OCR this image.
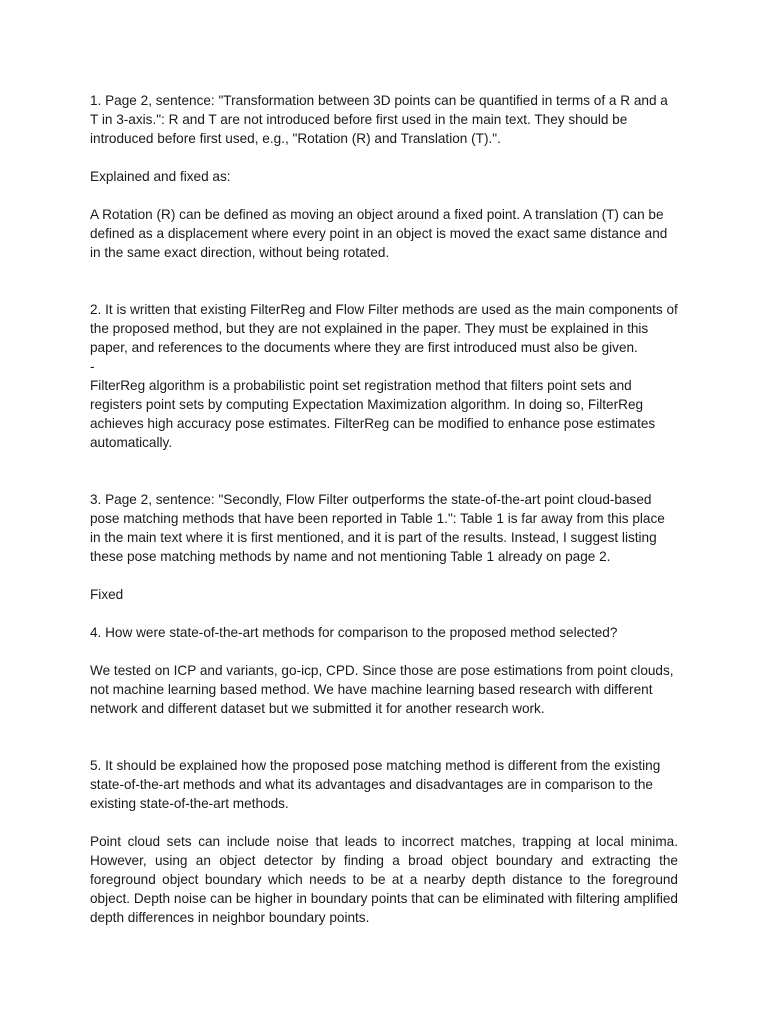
1. Page 2, sentence: "Transformation between 3D points can be quantified in terms of a R and a T in 3-axis.": R and T are not introduced before first used in the main text. They should be introduced before first used, e.g., "Rotation (R) and Translation (T).".

Explained and fixed as:

A Rotation (R) can be defined as moving an object around a fixed point. A translation (T) can be defined as a displacement where every point in an object is moved the exact same distance and in the same exact direction, without being rotated.

2. It is written that existing FilterReg and Flow Filter methods are used as the main components of the proposed method, but they are not explained in the paper. They must be explained in this paper, and references to the documents where they are first introduced must also be given.

-

FilterReg algorithm is a probabilistic point set registration method that filters point sets and registers point sets by computing Expectation Maximization algorithm. In doing so, FilterReg achieves high accuracy pose estimates. FilterReg can be modified to enhance pose estimates automatically.

3. Page 2, sentence: "Secondly, Flow Filter outperforms the state-of-the-art point cloud-based pose matching methods that have been reported in Table 1.": Table 1 is far away from this place in the main text where it is first mentioned, and it is part of the results. Instead, I suggest listing these pose matching methods by name and not mentioning Table 1 already on page 2.

Fixed

4. How were state-of-the-art methods for comparison to the proposed method selected?

We tested on ICP and variants, go-icp, CPD. Since those are pose estimations from point clouds, not machine learning based method. We have machine learning based research with different network and different dataset but we submitted it for another research work.

5. It should be explained how the proposed pose matching method is different from the existing state-of-the-art methods and what its advantages and disadvantages are in comparison to the existing state-of-the-art methods.

Point cloud sets can include noise that leads to incorrect matches, trapping at local minima. However, using an object detector by finding a broad object boundary and extracting the foreground object boundary which needs to be at a nearby depth distance to the foreground object. Depth noise can be higher in boundary points that can be eliminated with filtering amplified depth differences in neighbor boundary points.
